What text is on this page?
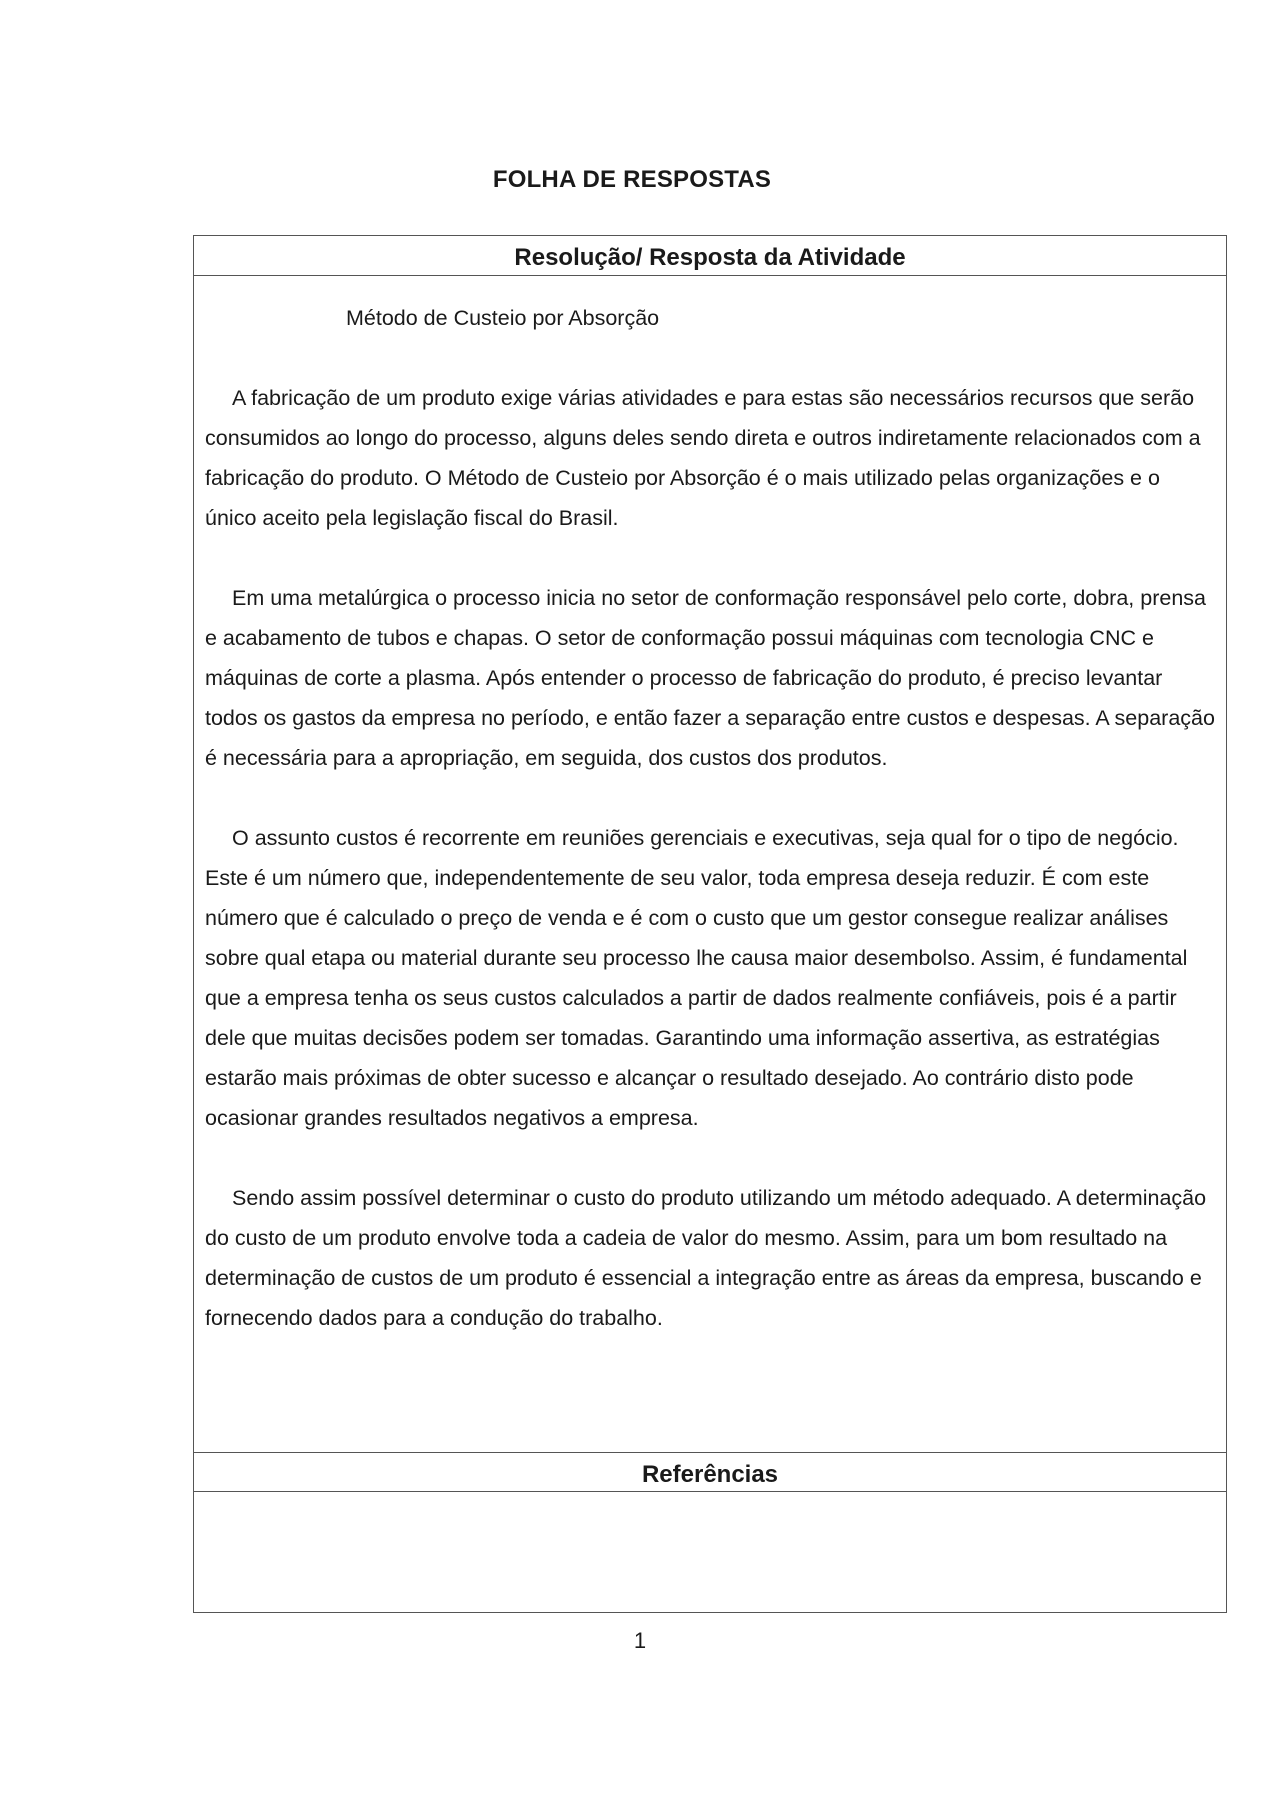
FOLHA DE RESPOSTAS
Resolução/ Resposta da Atividade
Método de Custeio por Absorção

A fabricação de um produto exige várias atividades e para estas são necessários recursos que serão consumidos ao longo do processo, alguns deles sendo direta e outros indiretamente relacionados com a fabricação do produto. O Método de Custeio por Absorção é o mais utilizado pelas organizações e o único aceito pela legislação fiscal do Brasil.

Em uma metalúrgica o processo inicia no setor de conformação responsável pelo corte, dobra, prensa e acabamento de tubos e chapas. O setor de conformação possui máquinas com tecnologia CNC e máquinas de corte a plasma. Após entender o processo de fabricação do produto, é preciso levantar todos os gastos da empresa no período, e então fazer a separação entre custos e despesas. A separação é necessária para a apropriação, em seguida, dos custos dos produtos.

O assunto custos é recorrente em reuniões gerenciais e executivas, seja qual for o tipo de negócio. Este é um número que, independentemente de seu valor, toda empresa deseja reduzir. É com este número que é calculado o preço de venda e é com o custo que um gestor consegue realizar análises sobre qual etapa ou material durante seu processo lhe causa maior desembolso. Assim, é fundamental que a empresa tenha os seus custos calculados a partir de dados realmente confiáveis, pois é a partir dele que muitas decisões podem ser tomadas. Garantindo uma informação assertiva, as estratégias estarão mais próximas de obter sucesso e alcançar o resultado desejado. Ao contrário disto pode ocasionar grandes resultados negativos a empresa.

Sendo assim possível determinar o custo do produto utilizando um método adequado. A determinação do custo de um produto envolve toda a cadeia de valor do mesmo. Assim, para um bom resultado na determinação de custos de um produto é essencial a integração entre as áreas da empresa, buscando e fornecendo dados para a condução do trabalho.

Referências
1
